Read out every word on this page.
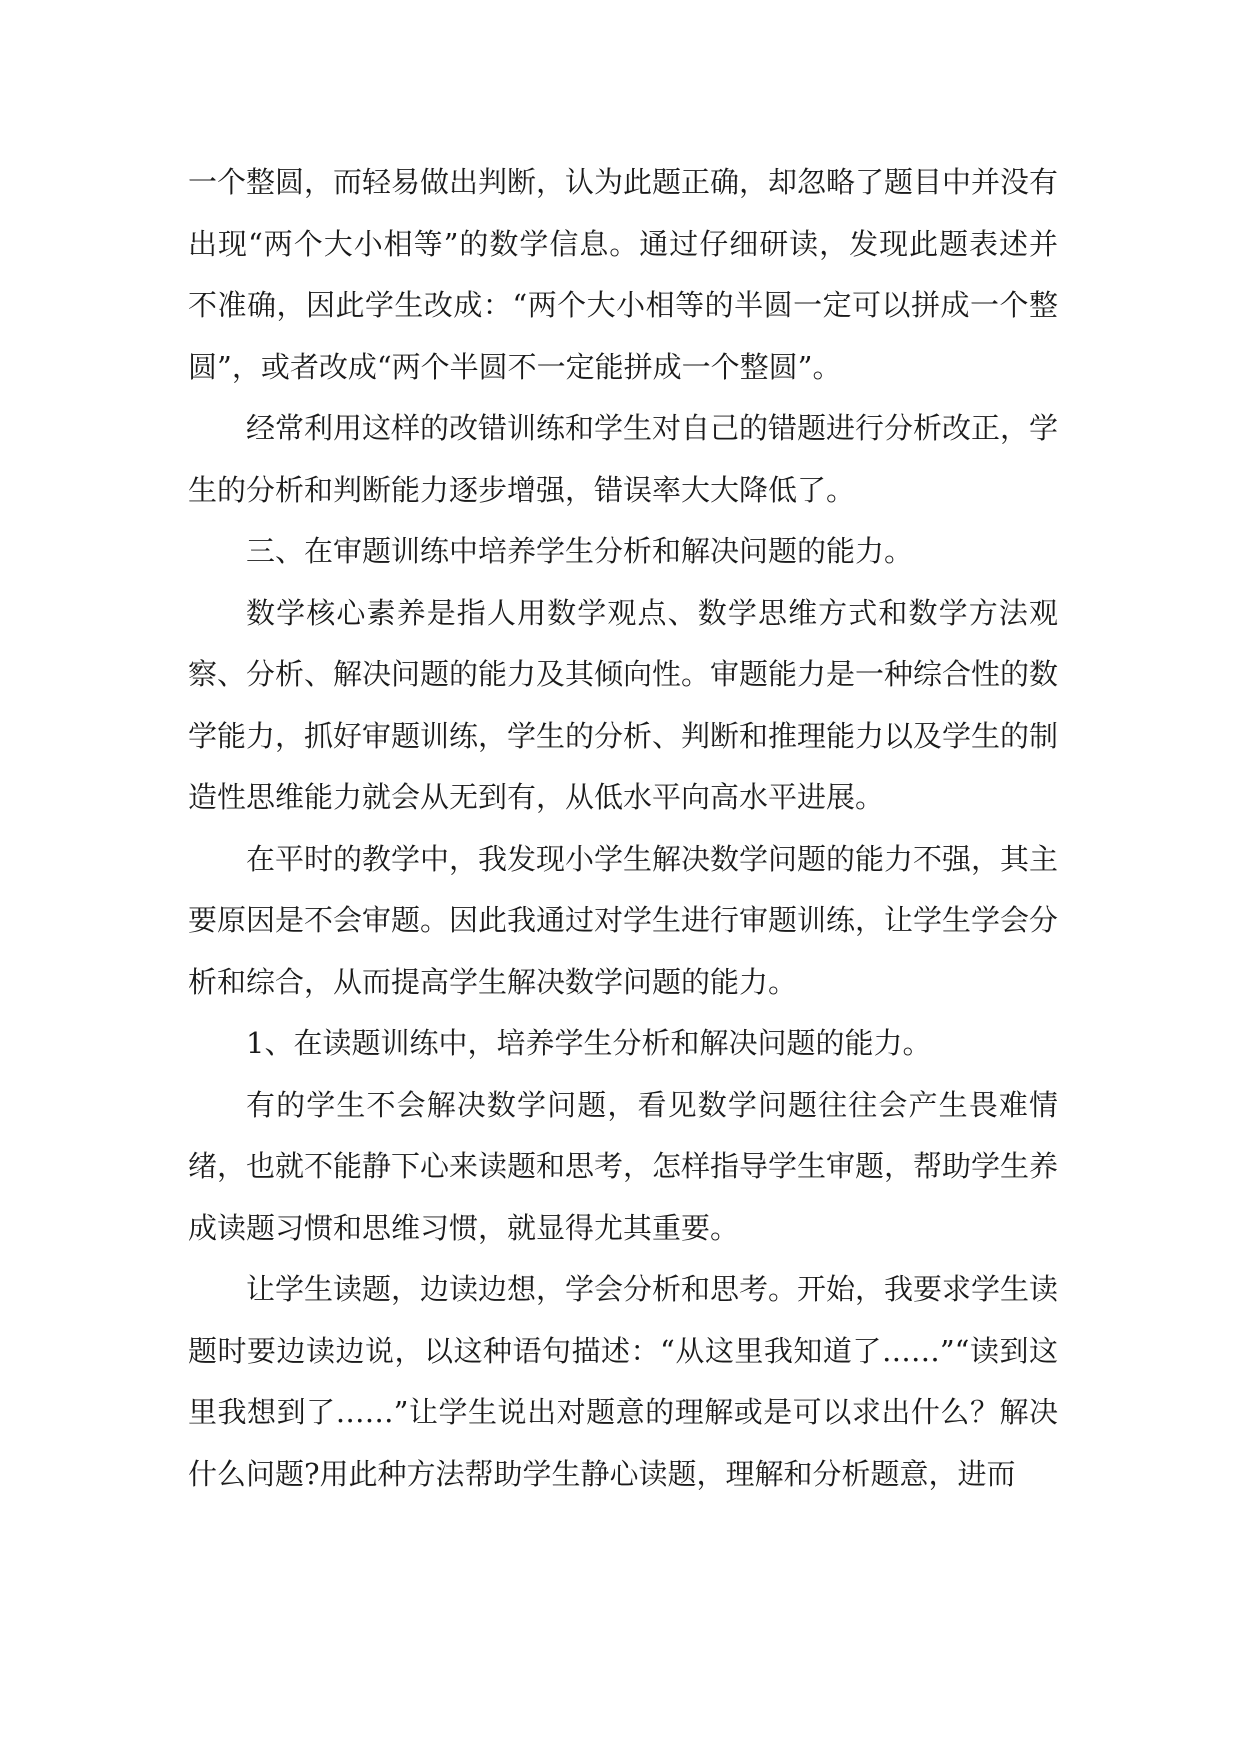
一个整圆，而轻易做出判断，认为此题正确，却忽略了题目中并没有出现“两个大小相等”的数学信息。通过仔细研读，发现此题表述并不准确，因此学生改成：“两个大小相等的半圆一定可以拼成一个整圆”，或者改成“两个半圆不一定能拼成一个整圆”。

经常利用这样的改错训练和学生对自己的错题进行分析改正，学生的分析和判断能力逐步增强，错误率大大降低了。

三、在审题训练中培养学生分析和解决问题的能力。

数学核心素养是指人用数学观点、数学思维方式和数学方法观察、分析、解决问题的能力及其倾向性。审题能力是一种综合性的数学能力，抓好审题训练，学生的分析、判断和推理能力以及学生的制造性思维能力就会从无到有，从低水平向高水平进展。

在平时的教学中，我发现小学生解决数学问题的能力不强，其主要原因是不会审题。因此我通过对学生进行审题训练，让学生学会分析和综合，从而提高学生解决数学问题的能力。

1、在读题训练中，培养学生分析和解决问题的能力。

有的学生不会解决数学问题，看见数学问题往往会产生畏难情绪，也就不能静下心来读题和思考，怎样指导学生审题，帮助学生养成读题习惯和思维习惯，就显得尤其重要。

让学生读题，边读边想，学会分析和思考。开始，我要求学生读题时要边读边说，以这种语句描述：“从这里我知道了……”“读到这里我想到了……”让学生说出对题意的理解或是可以求出什么？解决什么问题?用此种方法帮助学生静心读题，理解和分析题意，进而
